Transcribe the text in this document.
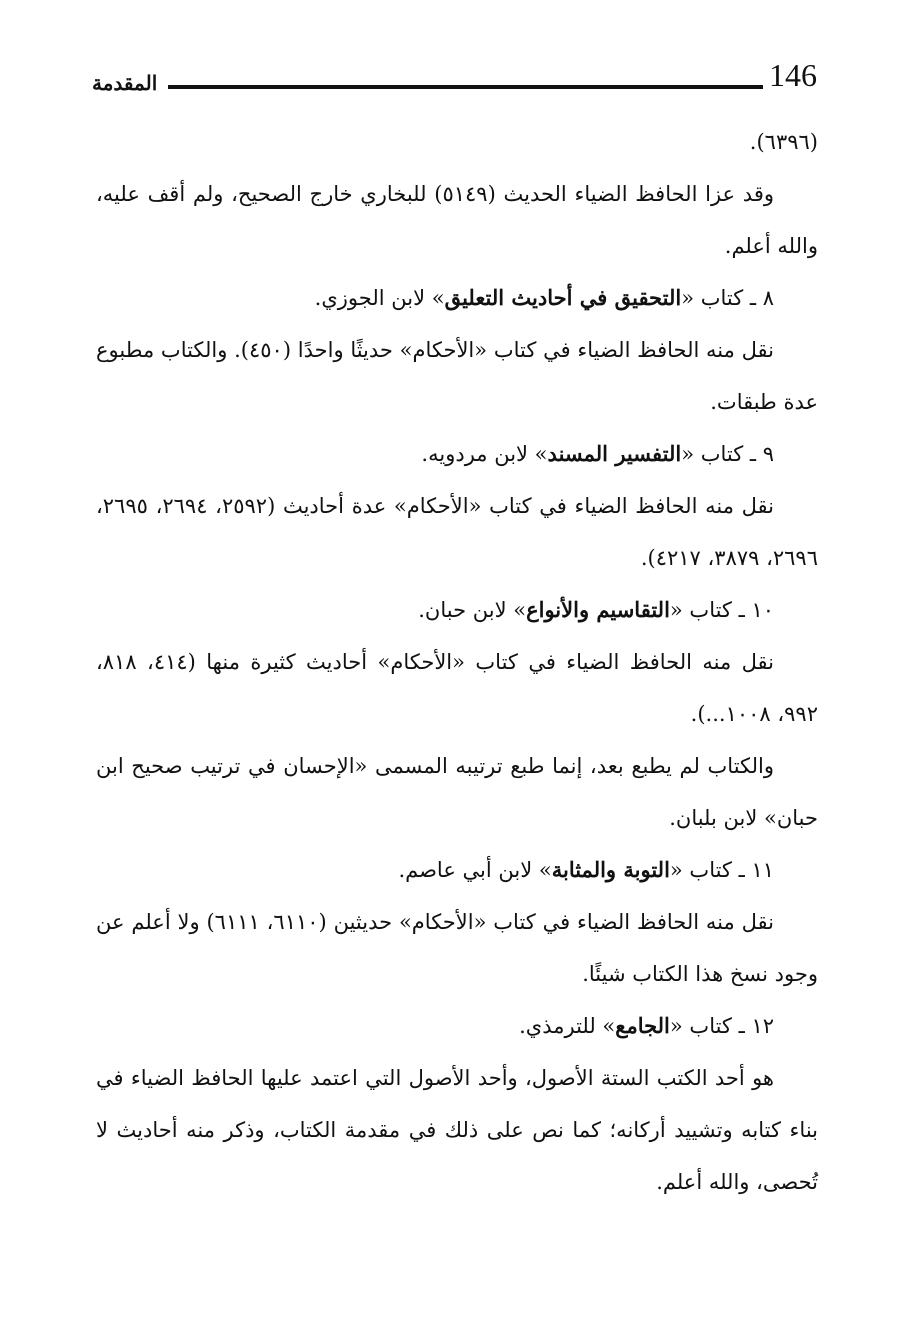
146
المقدمة

(٦٣٩٦).

وقد عزا الحافظ الضياء الحديث (٥١٤٩) للبخاري خارج الصحيح، ولم أقف عليه، والله أعلم.

٨ ـ كتاب «التحقيق في أحاديث التعليق» لابن الجوزي.

نقل منه الحافظ الضياء في كتاب «الأحكام» حديثًا واحدًا (٤٥٠). والكتاب مطبوع عدة طبقات.

٩ ـ كتاب «التفسير المسند» لابن مردويه.

نقل منه الحافظ الضياء في كتاب «الأحكام» عدة أحاديث (٢٥٩٢، ٢٦٩٤، ٢٦٩٥، ٢٦٩٦، ٣٨٧٩، ٤٢١٧).

١٠ ـ كتاب «التقاسيم والأنواع» لابن حبان.

نقل منه الحافظ الضياء في كتاب «الأحكام» أحاديث كثيرة منها (٤١٤، ٨١٨، ٩٩٢، ١٠٠٨...).

والكتاب لم يطبع بعد، إنما طبع ترتيبه المسمى «الإحسان في ترتيب صحيح ابن حبان» لابن بلبان.

١١ ـ كتاب «التوبة والمثابة» لابن أبي عاصم.

نقل منه الحافظ الضياء في كتاب «الأحكام» حديثين (٦١١٠، ٦١١١) ولا أعلم عن وجود نسخ هذا الكتاب شيئًا.

١٢ ـ كتاب «الجامع» للترمذي.

هو أحد الكتب الستة الأصول، وأحد الأصول التي اعتمد عليها الحافظ الضياء في بناء كتابه وتشييد أركانه؛ كما نص على ذلك في مقدمة الكتاب، وذكر منه أحاديث لا تُحصى، والله أعلم.
